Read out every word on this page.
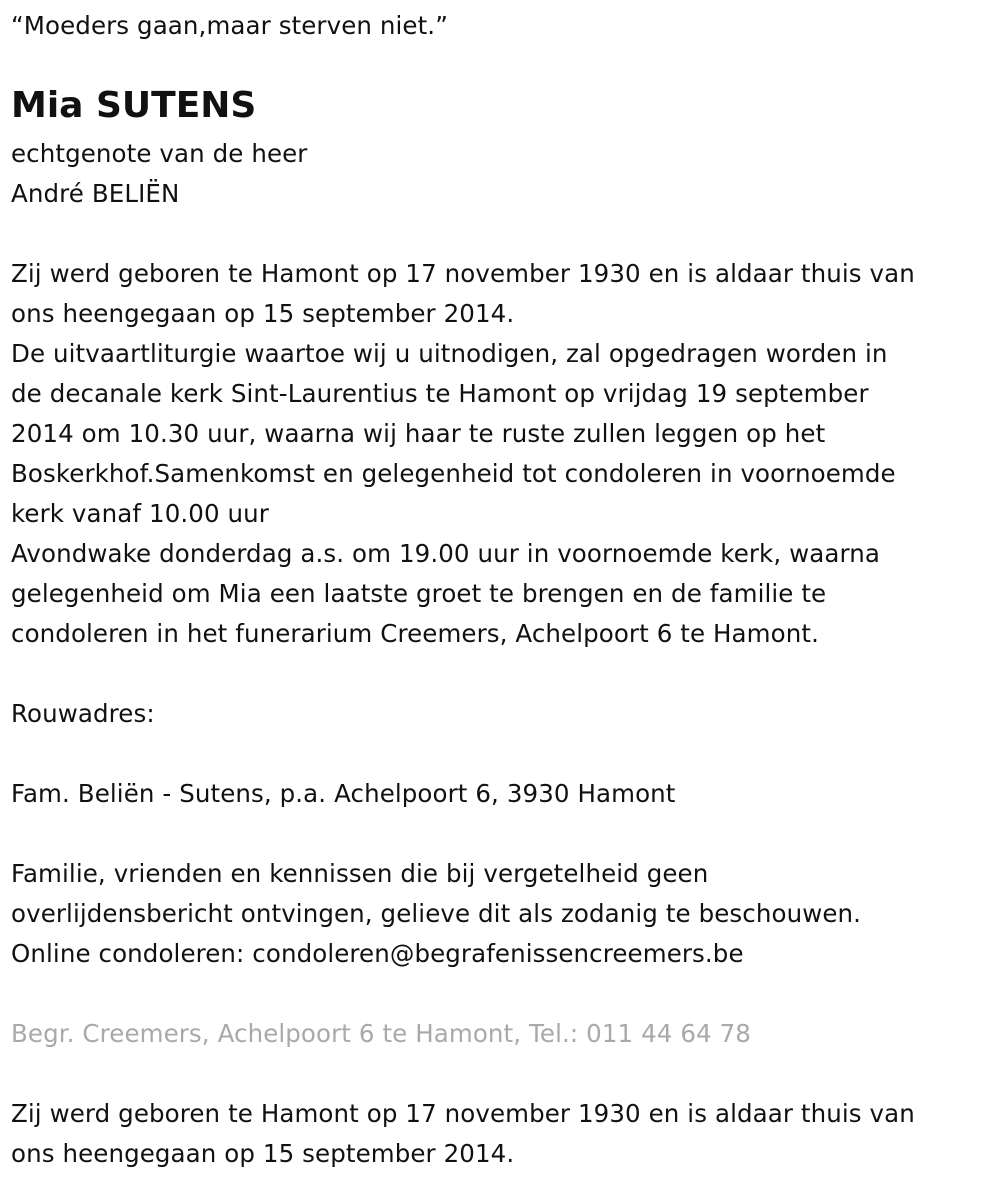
“Moeders gaan,maar sterven niet.”
Mia SUTENS
echtgenote van de heer
André BELIËN
Zij werd geboren te Hamont op 17 november 1930 en is aldaar thuis van
ons heengegaan op 15 september 2014.
De uitvaartliturgie waartoe wij u uitnodigen, zal opgedragen worden in
de decanale kerk Sint-Laurentius te Hamont op vrijdag 19 september
2014 om 10.30 uur, waarna wij haar te ruste zullen leggen op het
Boskerkhof.Samenkomst en gelegenheid tot condoleren in voornoemde
kerk vanaf 10.00 uur
Avondwake donderdag a.s. om 19.00 uur in voornoemde kerk, waarna
gelegenheid om Mia een laatste groet te brengen en de familie te
condoleren in het funerarium Creemers, Achelpoort 6 te Hamont.
Rouwadres:
Fam. Beliën - Sutens, p.a. Achelpoort 6, 3930 Hamont
Familie, vrienden en kennissen die bij vergetelheid geen
overlijdensbericht ontvingen, gelieve dit als zodanig te beschouwen.
Online condoleren: condoleren@begrafenissencreemers.be
Begr. Creemers, Achelpoort 6 te Hamont, Tel.: 011 44 64 78
Zij werd geboren te Hamont op 17 november 1930 en is aldaar thuis van
ons heengegaan op 15 september 2014.
